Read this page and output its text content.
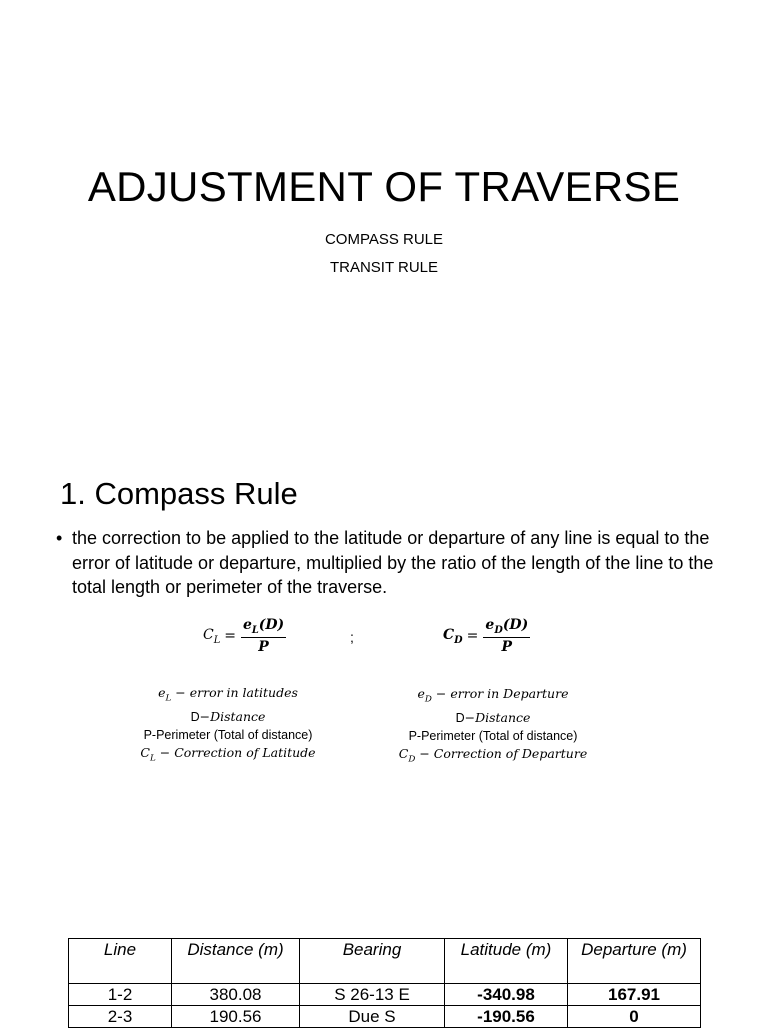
ADJUSTMENT OF TRAVERSE
COMPASS RULE
TRANSIT RULE
1. Compass Rule
• the correction to be applied to the latitude or departure of any line is equal to the error of latitude or departure, multiplied by the ratio of the length of the line to the total length or perimeter of the traverse.
$C_L = \frac{e_L(D)}{P}$	;	$C_D = \frac{e_D(D)}{P}$
$e_L$ − error in latitudes
D−Distance
P-Perimeter (Total of distance)
$C_L$ − Correction of Latitude
$e_D$ − error in Departure
D−Distance
P-Perimeter (Total of distance)
$C_D$ − Correction of Departure
Line	Distance (m)	Bearing	Latitude (m)	Departure (m)
1-2	380.08	S 26-13 E	-340.98	167.91
2-3	190.56	Due S	-190.56	0
